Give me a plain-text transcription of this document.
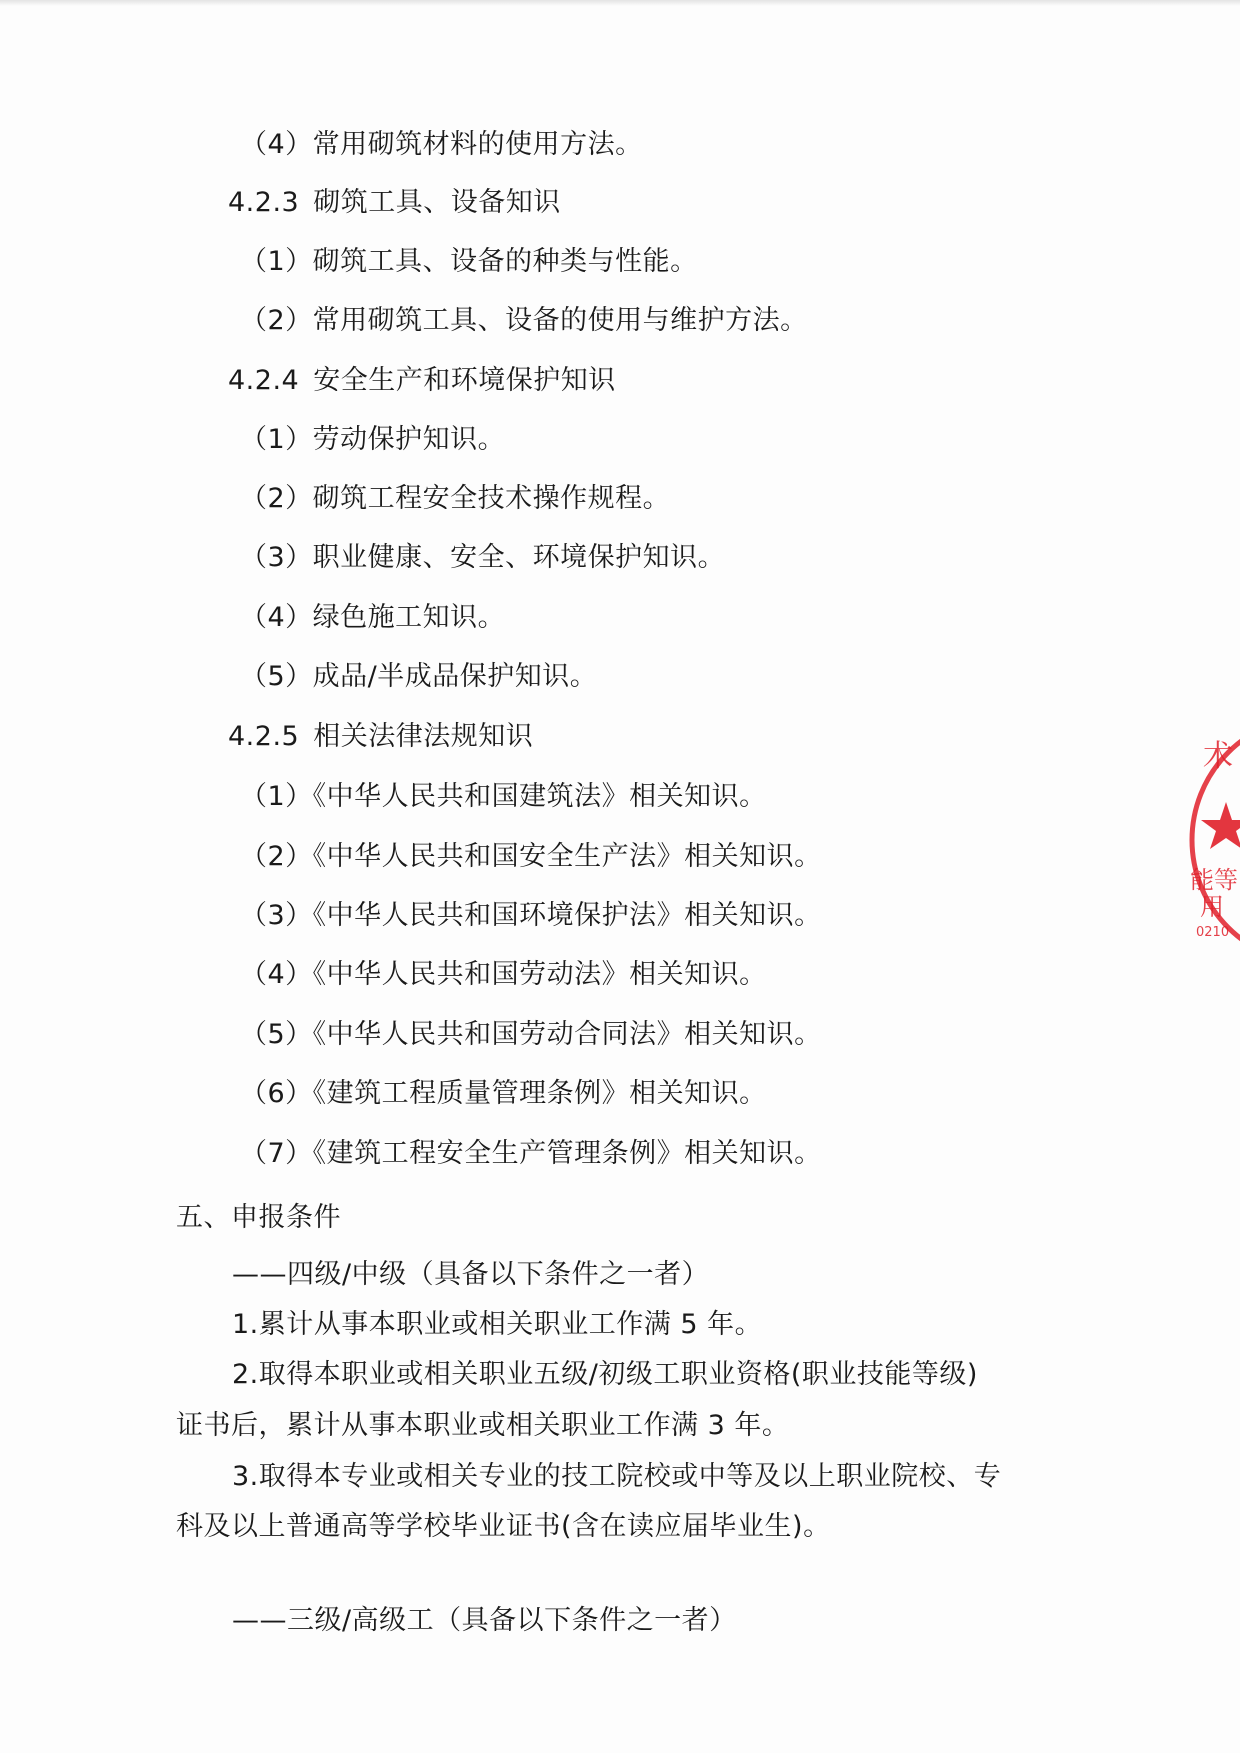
（4）常用砌筑材料的使用方法。
4.2.3 砌筑工具、设备知识
（1）砌筑工具、设备的种类与性能。
（2）常用砌筑工具、设备的使用与维护方法。
4.2.4 安全生产和环境保护知识
（1）劳动保护知识。
（2）砌筑工程安全技术操作规程。
（3）职业健康、安全、环境保护知识。
（4）绿色施工知识。
（5）成品/半成品保护知识。
4.2.5 相关法律法规知识
（1）《中华人民共和国建筑法》相关知识。
（2）《中华人民共和国安全生产法》相关知识。
（3）《中华人民共和国环境保护法》相关知识。
（4）《中华人民共和国劳动法》相关知识。
（5）《中华人民共和国劳动合同法》相关知识。
（6）《建筑工程质量管理条例》相关知识。
（7）《建筑工程安全生产管理条例》相关知识。
五、申报条件
——四级/中级（具备以下条件之一者）
1.累计从事本职业或相关职业工作满 5 年。
2.取得本职业或相关职业五级/初级工职业资格(职业技能等级)
证书后，累计从事本职业或相关职业工作满 3 年。
3.取得本专业或相关专业的技工院校或中等及以上职业院校、专
科及以上普通高等学校毕业证书(含在读应届毕业生)。
——三级/高级工（具备以下条件之一者）
术
能等
用
0210
